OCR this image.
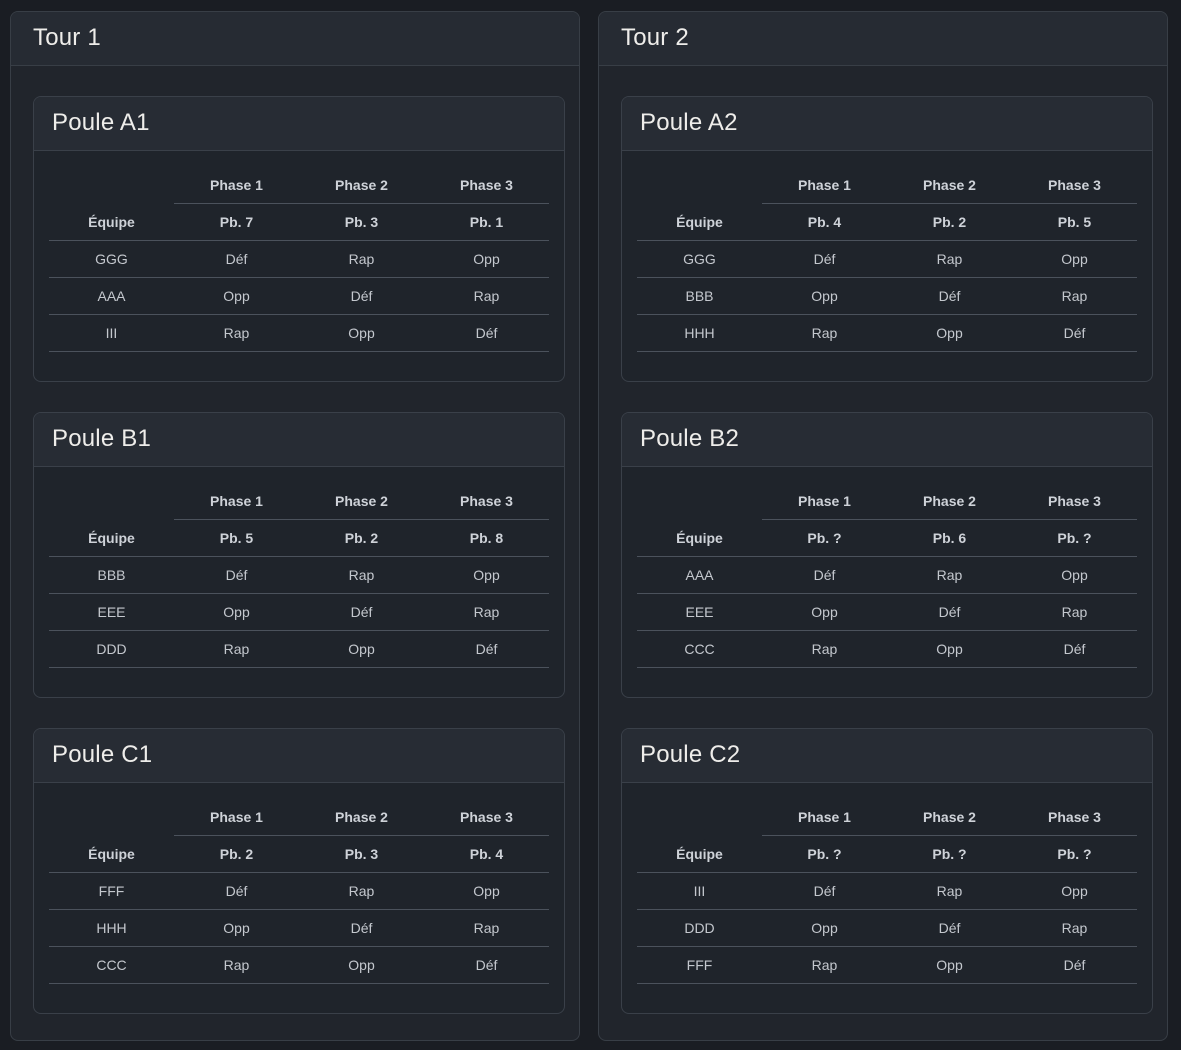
Tour 1
Poule A1
	Phase 1	Phase 2	Phase 3
Équipe	Pb. 7	Pb. 3	Pb. 1
GGG	Déf	Rap	Opp
AAA	Opp	Déf	Rap
III	Rap	Opp	Déf
Poule B1
	Phase 1	Phase 2	Phase 3
Équipe	Pb. 5	Pb. 2	Pb. 8
BBB	Déf	Rap	Opp
EEE	Opp	Déf	Rap
DDD	Rap	Opp	Déf
Poule C1
	Phase 1	Phase 2	Phase 3
Équipe	Pb. 2	Pb. 3	Pb. 4
FFF	Déf	Rap	Opp
HHH	Opp	Déf	Rap
CCC	Rap	Opp	Déf
Tour 2
Poule A2
	Phase 1	Phase 2	Phase 3
Équipe	Pb. 4	Pb. 2	Pb. 5
GGG	Déf	Rap	Opp
BBB	Opp	Déf	Rap
HHH	Rap	Opp	Déf
Poule B2
	Phase 1	Phase 2	Phase 3
Équipe	Pb. ?	Pb. 6	Pb. ?
AAA	Déf	Rap	Opp
EEE	Opp	Déf	Rap
CCC	Rap	Opp	Déf
Poule C2
	Phase 1	Phase 2	Phase 3
Équipe	Pb. ?	Pb. ?	Pb. ?
III	Déf	Rap	Opp
DDD	Opp	Déf	Rap
FFF	Rap	Opp	Déf
